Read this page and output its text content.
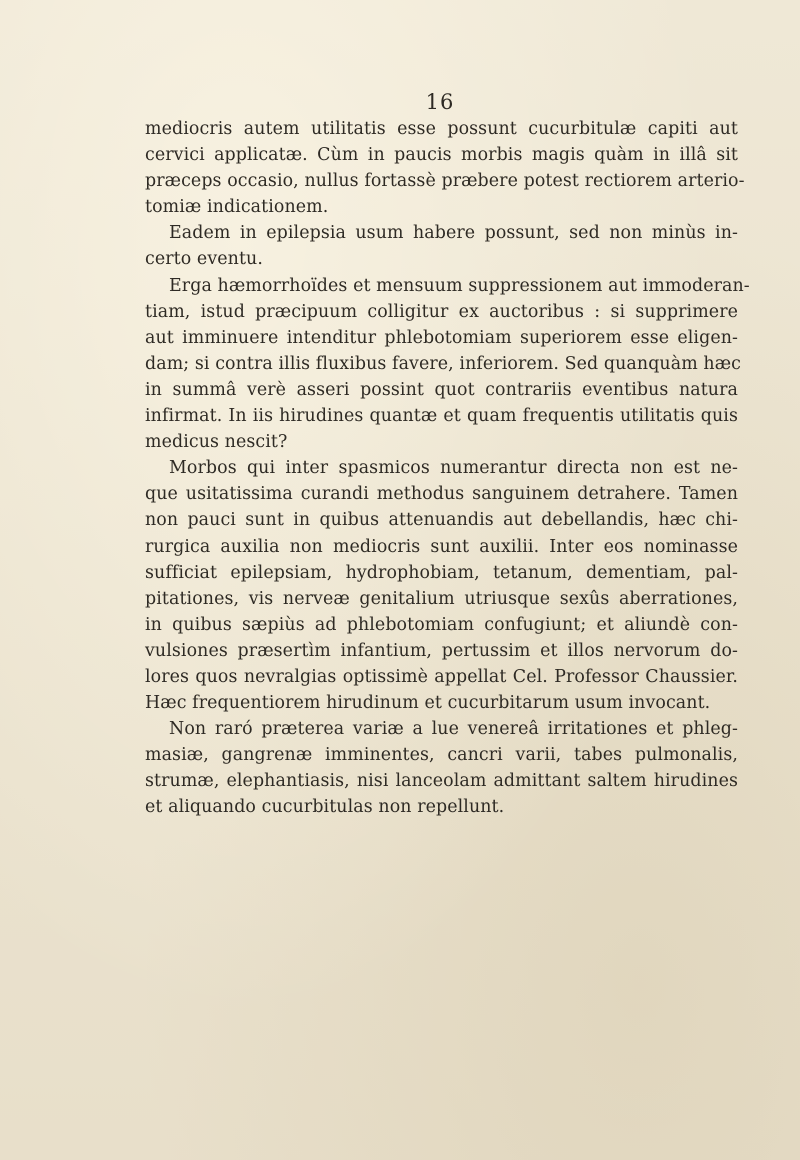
16
mediocris autem utilitatis esse possunt cucurbitulæ capiti aut
cervici applicatæ. Cùm in paucis morbis magis quàm in illâ sit
præceps occasio, nullus fortassè præbere potest rectiorem arterio-
tomiæ indicationem.
Eadem in epilepsia usum habere possunt, sed non minùs in-
certo eventu.
Erga hæmorrhoïdes et mensuum suppressionem aut immoderan-
tiam, istud præcipuum colligitur ex auctoribus : si supprimere
aut imminuere intenditur phlebotomiam superiorem esse eligen-
dam; si contra illis fluxibus favere, inferiorem. Sed quanquàm hæc
in summâ verè asseri possint quot contrariis eventibus natura
infirmat. In iis hirudines quantæ et quam frequentis utilitatis quis
medicus nescit?
Morbos qui inter spasmicos numerantur directa non est ne-
que usitatissima curandi methodus sanguinem detrahere. Tamen
non pauci sunt in quibus attenuandis aut debellandis, hæc chi-
rurgica auxilia non mediocris sunt auxilii. Inter eos nominasse
sufficiat epilepsiam, hydrophobiam, tetanum, dementiam, pal-
pitationes, vis nerveæ genitalium utriusque sexûs aberrationes,
in quibus sæpiùs ad phlebotomiam confugiunt; et aliundè con-
vulsiones præsertìm infantium, pertussim et illos nervorum do-
lores quos nevralgias optissimè appellat Cel. Professor Chaussier.
Hæc frequentiorem hirudinum et cucurbitarum usum invocant.
Non raró præterea variæ a lue venereâ irritationes et phleg-
masiæ, gangrenæ imminentes, cancri varii, tabes pulmonalis,
strumæ, elephantiasis, nisi lanceolam admittant saltem hirudines
et aliquando cucurbitulas non repellunt.
